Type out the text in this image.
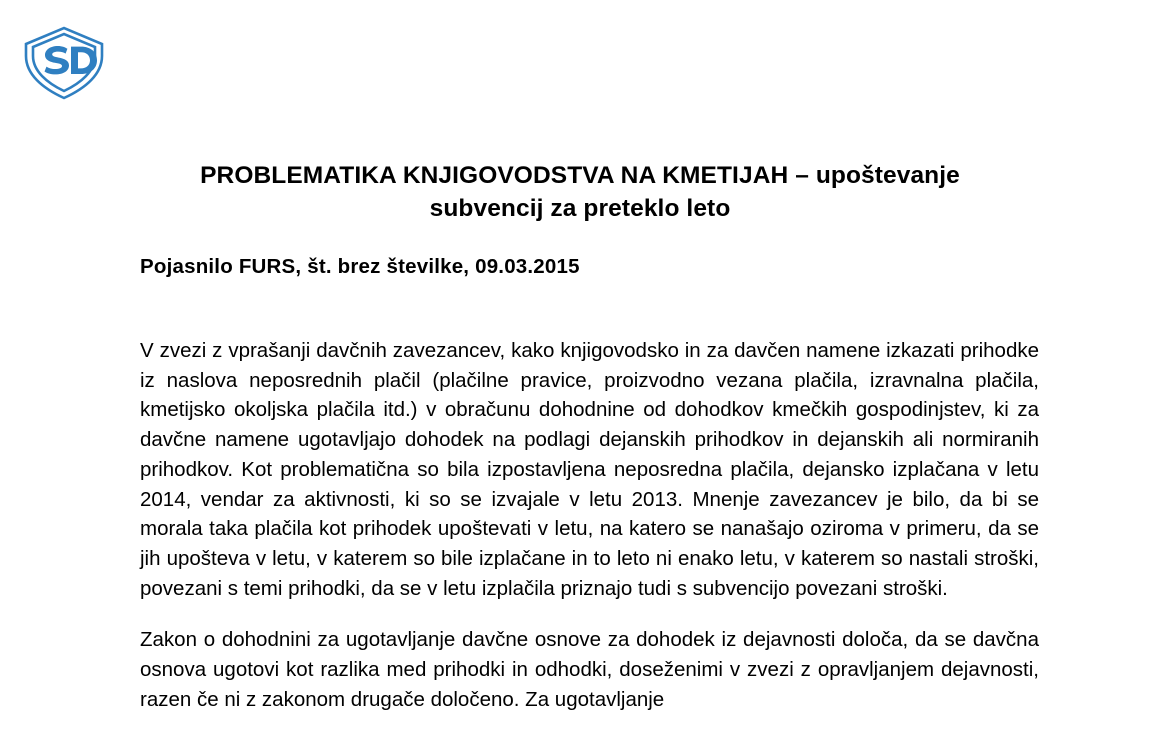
PROBLEMATIKA KNJIGOVODSTVA NA KMETIJAH – upoštevanje
subvencij za preteklo leto
Pojasnilo FURS, št. brez številke, 09.03.2015

V zvezi z vprašanji davčnih zavezancev, kako knjigovodsko in za davčen namene izkazati prihodke iz naslova neposrednih plačil (plačilne pravice, proizvodno vezana plačila, izravnalna plačila, kmetijsko okoljska plačila itd.) v obračunu dohodnine od dohodkov kmečkih gospodinjstev, ki za davčne namene ugotavljajo dohodek na podlagi dejanskih prihodkov in dejanskih ali normiranih prihodkov. Kot problematična so bila izpostavljena neposredna plačila, dejansko izplačana v letu 2014, vendar za aktivnosti, ki so se izvajale v letu 2013. Mnenje zavezancev je bilo, da bi se morala taka plačila kot prihodek upoštevati v letu, na katero se nanašajo oziroma v primeru, da se jih upošteva v letu, v katerem so bile izplačane in to leto ni enako letu, v katerem so nastali stroški, povezani s temi prihodki, da se v letu izplačila priznajo tudi s subvencijo povezani stroški.

Zakon o dohodnini za ugotavljanje davčne osnove za dohodek iz dejavnosti določa, da se davčna osnova ugotovi kot razlika med prihodki in odhodki, doseženimi v zvezi z opravljanjem dejavnosti, razen če ni z zakonom drugače določeno. Za ugotavljanje
